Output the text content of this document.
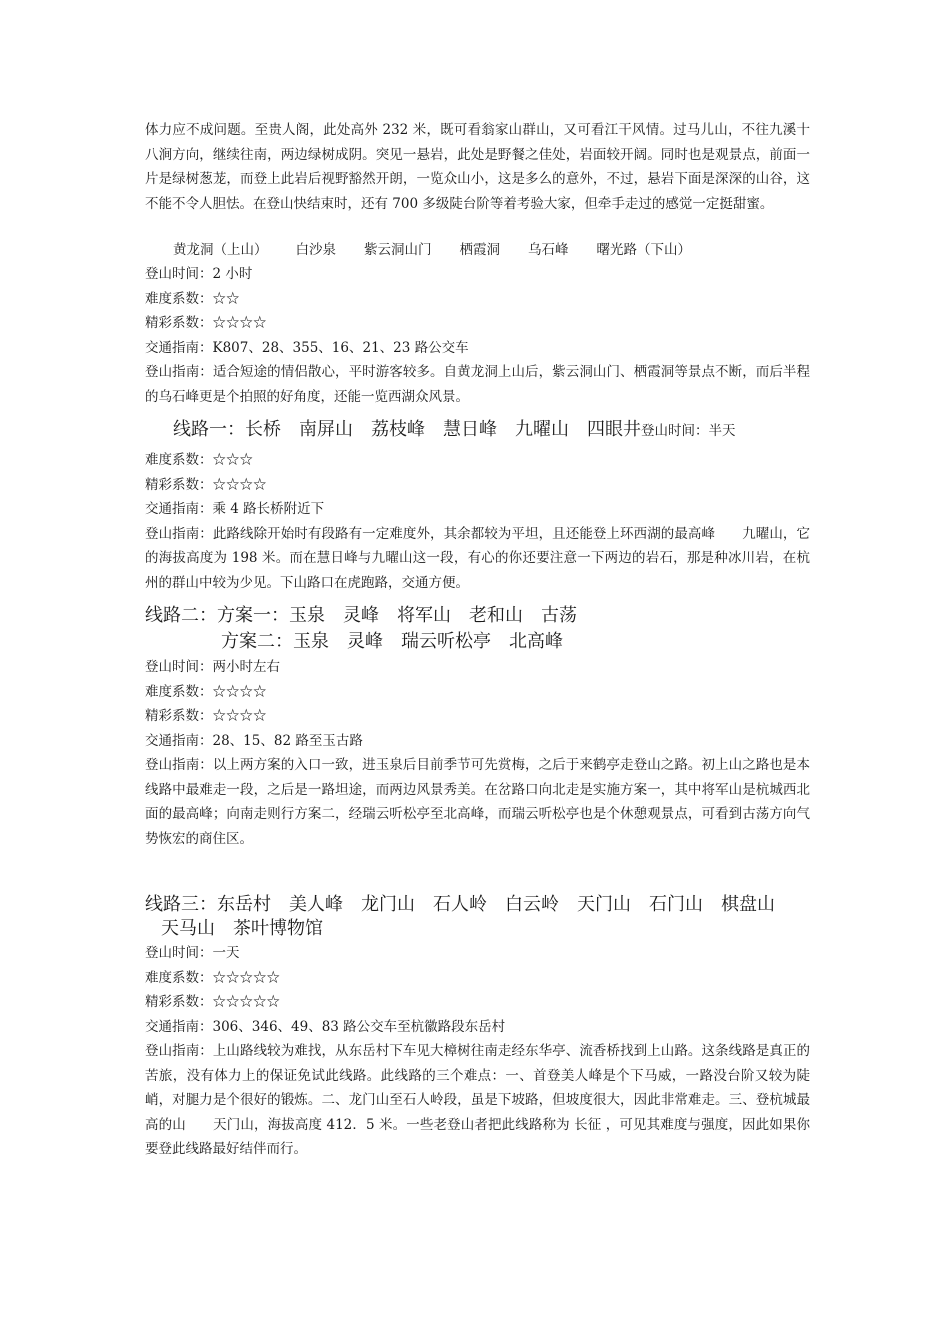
体力应不成问题。至贵人阁，此处高外 232 米，既可看翁家山群山，又可看江干风情。过马儿山，不往九溪十八涧方向，继续往南，两边绿树成阴。突见一悬岩，此处是野餐之佳处，岩面较开阔。同时也是观景点，前面一片是绿树葱茏，而登上此岩后视野豁然开朗，一览众山小，这是多么的意外，不过，悬岩下面是深深的山谷，这不能不令人胆怯。在登山快结束时，还有 700 多级陡台阶等着考验大家，但牵手走过的感觉一定挺甜蜜。

黄龙洞（上山） 白沙泉 紫云洞山门 栖霞洞 乌石峰 曙光路（下山）

登山时间：2 小时

难度系数：☆☆

精彩系数：☆☆☆☆

交通指南：K807、28、355、16、21、23 路公交车

登山指南：适合短途的情侣散心，平时游客较多。自黄龙洞上山后，紫云洞山门、栖霞洞等景点不断，而后半程的乌石峰更是个拍照的好角度，还能一览西湖众风景。

线路一：长桥　南屏山　荔枝峰　慧日峰　九曜山　四眼井登山时间：半天

难度系数：☆☆☆

精彩系数：☆☆☆☆

交通指南：乘 4 路长桥附近下

登山指南：此路线除开始时有段路有一定难度外，其余都较为平坦，且还能登上环西湖的最高峰　　九曜山，它的海拔高度为 198 米。而在慧日峰与九曜山这一段，有心的你还要注意一下两边的岩石，那是种冰川岩，在杭州的群山中较为少见。下山路口在虎跑路，交通方便。

线路二：方案一：玉泉　灵峰　将军山　老和山　古荡

方案二：玉泉　灵峰　瑞云听松亭　北高峰

登山时间：两小时左右

难度系数：☆☆☆☆

精彩系数：☆☆☆☆

交通指南：28、15、82 路至玉古路

登山指南：以上两方案的入口一致，进玉泉后目前季节可先赏梅，之后于来鹤亭走登山之路。初上山之路也是本线路中最难走一段，之后是一路坦途，而两边风景秀美。在岔路口向北走是实施方案一，其中将军山是杭城西北面的最高峰；向南走则行方案二，经瑞云听松亭至北高峰，而瑞云听松亭也是个休憩观景点，可看到古荡方向气势恢宏的商住区。

线路三：东岳村　美人峰　龙门山　石人岭　白云岭　天门山　石门山　棋盘山

天马山　茶叶博物馆

登山时间：一天

难度系数：☆☆☆☆☆

精彩系数：☆☆☆☆☆

交通指南：306、346、49、83 路公交车至杭徽路段东岳村

登山指南：上山路线较为难找，从东岳村下车见大樟树往南走经东华亭、流香桥找到上山路。这条线路是真正的苦旅，没有体力上的保证免试此线路。此线路的三个难点：一、首登美人峰是个下马威，一路没台阶又较为陡峭，对腿力是个很好的锻炼。二、龙门山至石人岭段，虽是下坡路，但坡度很大，因此非常难走。三、登杭城最高的山　　天门山，海拔高度 412．5 米。一些老登山者把此线路称为 长征 ，可见其难度与强度，因此如果你要登此线路最好结伴而行。
